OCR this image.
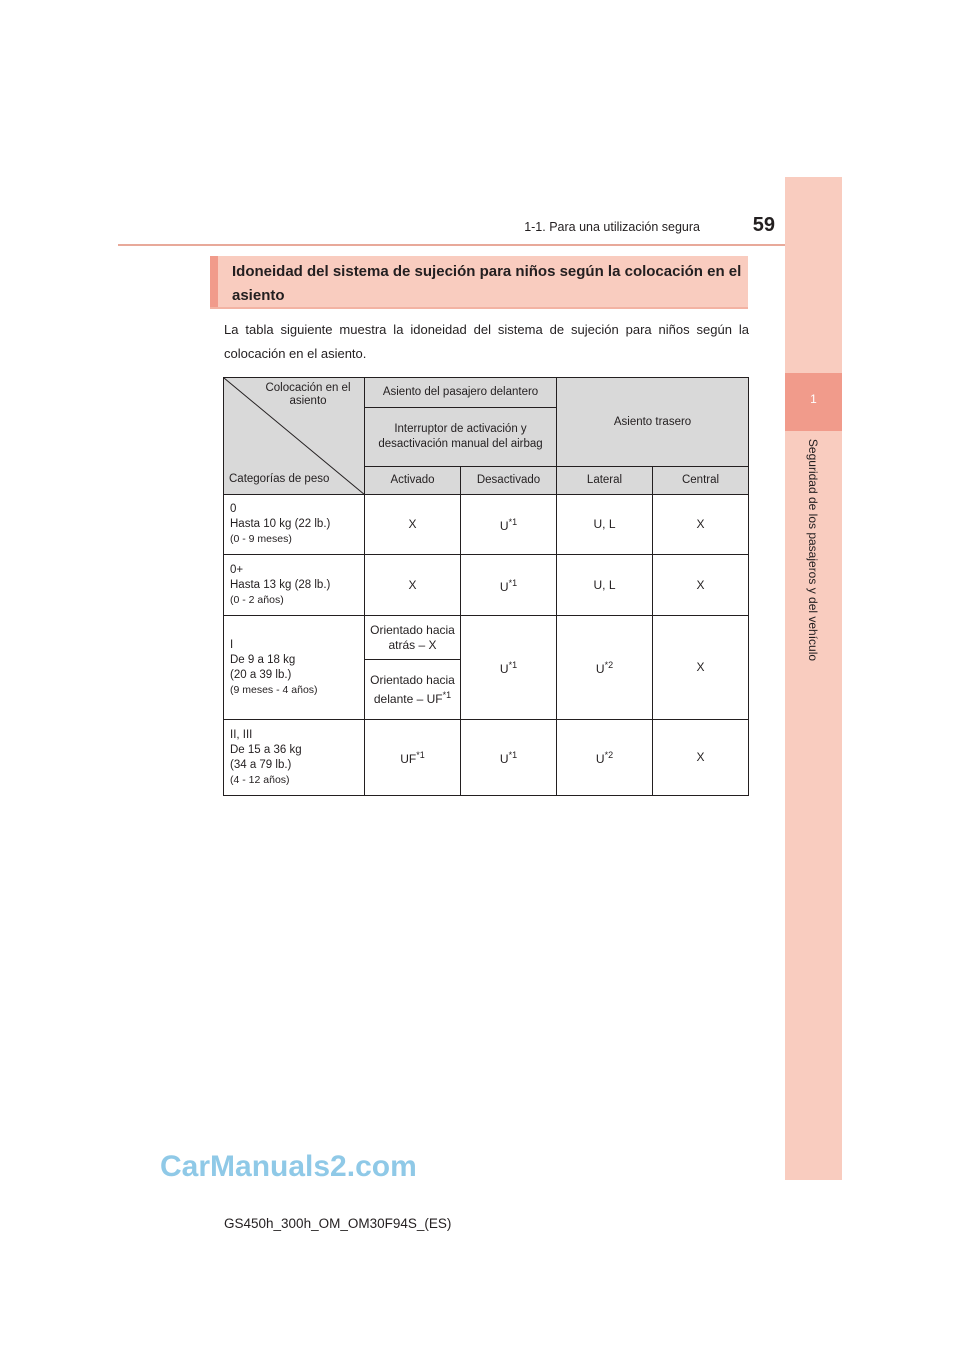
1-1. Para una utilización segura	59
1
Seguridad de los pasajeros y del vehículo
Idoneidad del sistema de sujeción para niños según la colocación en el asiento
La tabla siguiente muestra la idoneidad del sistema de sujeción para niños según la colocación en el asiento.
Colocación en el asiento
Categorías de peso	Asiento del pasajero delantero		Asiento trasero	
	Interruptor de activación y desactivación manual del airbag			
	Activado	Desactivado	Lateral	Central

0
Hasta 10 kg (22 lb.)
(0 - 9 meses)	X	$U^{*1}$	U, L	X

0+
Hasta 13 kg (28 lb.)
(0 - 2 años)	X	$U^{*1}$	U, L	X

I
De 9 a 18 kg
(20 a 39 lb.)
(9 meses - 4 años)	Orientado hacia atrás – X	$U^{*1}$	$U^{*2}$	X
	Orientado hacia delante – UF$^{*1}$

II, III
De 15 a 36 kg
(34 a 79 lb.)
(4 - 12 años)	UF$^{*1}$	$U^{*1}$	$U^{*2}$	X
CarManuals2.com
GS450h_300h_OM_OM30F94S_(ES)
